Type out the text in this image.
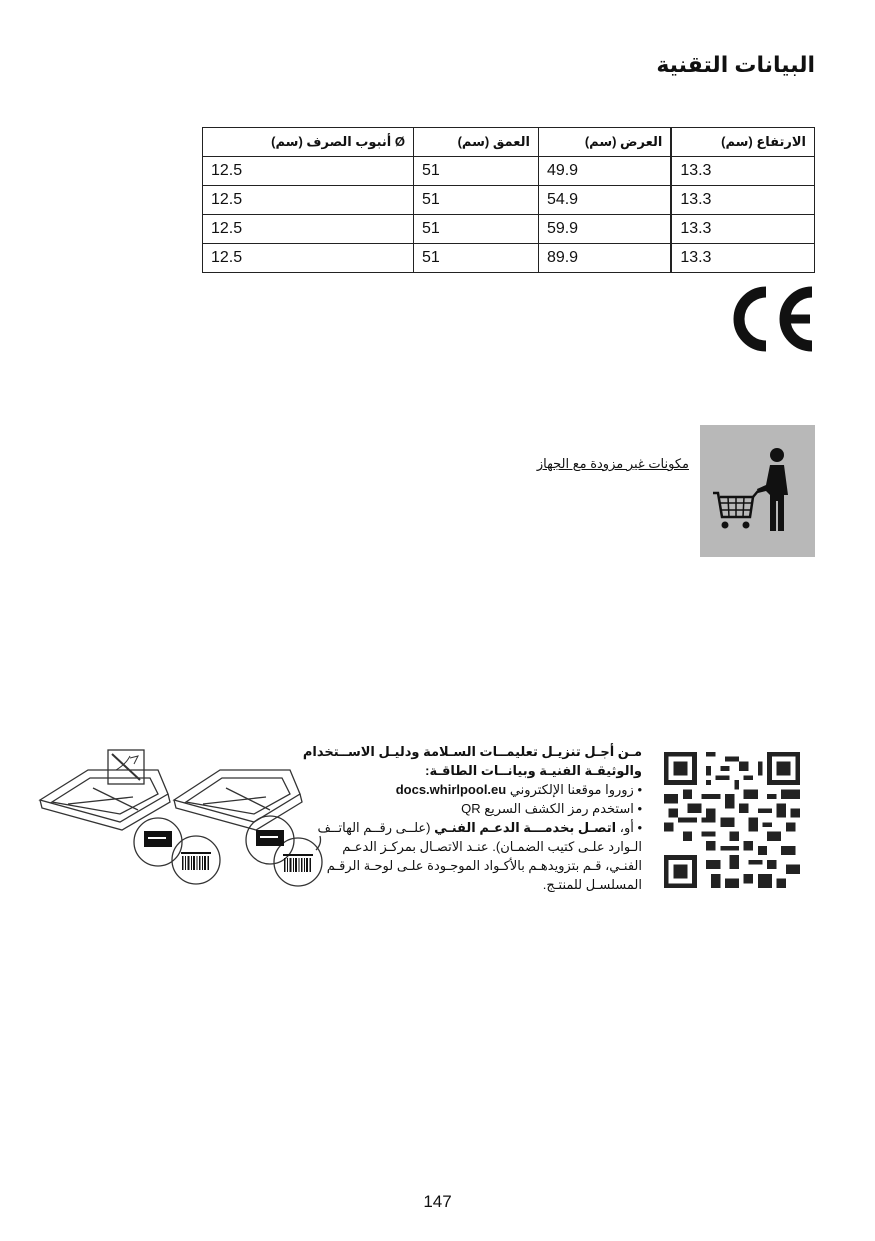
البيانات التقنية
الارتفاع (سم)	العرض (سم)	العمق (سم)	Ø أنبوب الصرف (سم)
13.3	49.9	51	12.5
13.3	54.9	51	12.5
13.3	59.9	51	12.5
13.3	89.9	51	12.5
مكونات غير مزودة مع الجهاز
مـن أجـل تنزيـل تعليمــات السـلامة ودليـل الاســتخدام
والوثيقـة الفنيـة وبيانــات الطاقـة:
• زوروا موقعنا الإلكتروني docs.whirlpool.eu
• استخدم رمز الكشف السريع QR
• أو، اتصـل بخدمـــة الدعـم الفنـي (علــى رقــم الهاتــف
الـوارد علـى كتيب الضمـان). عنـد الاتصـال بمركـز الدعـم
الفنـي، قـم بتزويدهـم بالأكـواد الموجـودة علـى لوحـة الرقـم
المسلسـل للمنتـج.
147
